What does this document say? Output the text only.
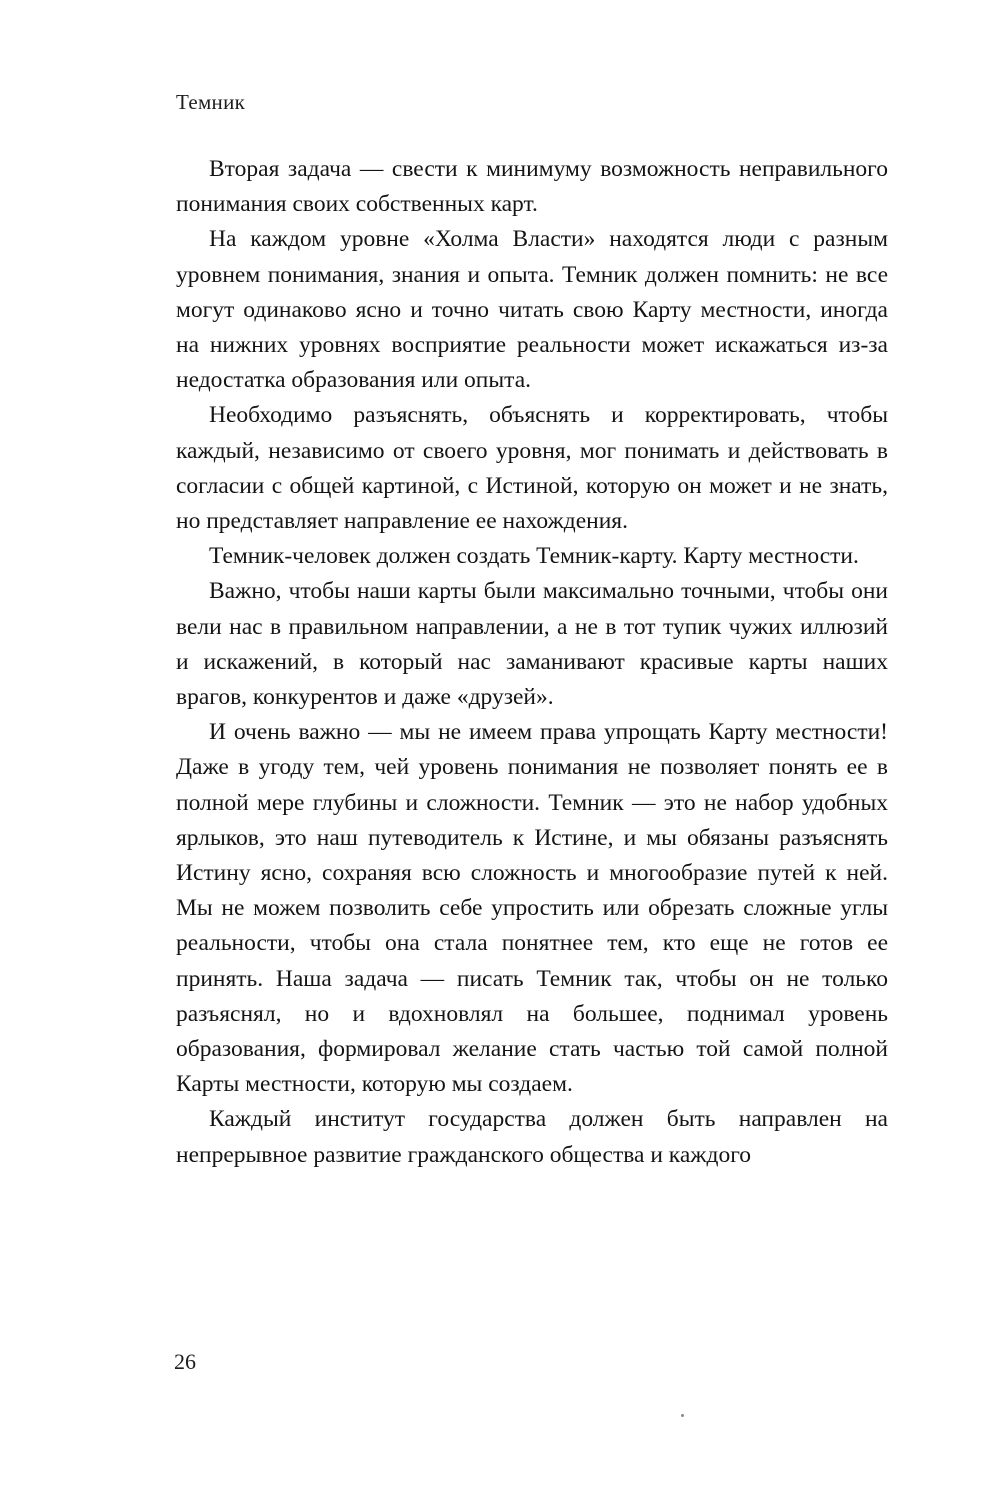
Темник

Вторая задача — свести к минимуму возможность неправильного понимания своих собственных карт.

На каждом уровне «Холма Власти» находятся люди с разным уровнем понимания, знания и опыта. Темник должен помнить: не все могут одинаково ясно и точно читать свою Карту местности, иногда на нижних уровнях восприятие реальности может искажаться из-за недостатка образования или опыта.

Необходимо разъяснять, объяснять и корректировать, чтобы каждый, независимо от своего уровня, мог понимать и действовать в согласии с общей картиной, с Истиной, которую он может и не знать, но представляет направление ее нахождения.

Темник-человек должен создать Темник-карту. Карту местности.

Важно, чтобы наши карты были максимально точными, чтобы они вели нас в правильном направлении, а не в тот тупик чужих иллюзий и искажений, в который нас заманивают красивые карты наших врагов, конкурентов и даже «друзей».

И очень важно — мы не имеем права упрощать Карту местности! Даже в угоду тем, чей уровень понимания не позволяет понять ее в полной мере глубины и сложности. Темник — это не набор удобных ярлыков, это наш путеводитель к Истине, и мы обязаны разъяснять Истину ясно, сохраняя всю сложность и многообразие путей к ней. Мы не можем позволить себе упростить или обрезать сложные углы реальности, чтобы она стала понятнее тем, кто еще не готов ее принять. Наша задача — писать Темник так, чтобы он не только разъяснял, но и вдохновлял на большее, поднимал уровень образования, формировал желание стать частью той самой полной Карты местности, которую мы создаем.

Каждый институт государства должен быть направлен на непрерывное развитие гражданского общества и каждого

26
